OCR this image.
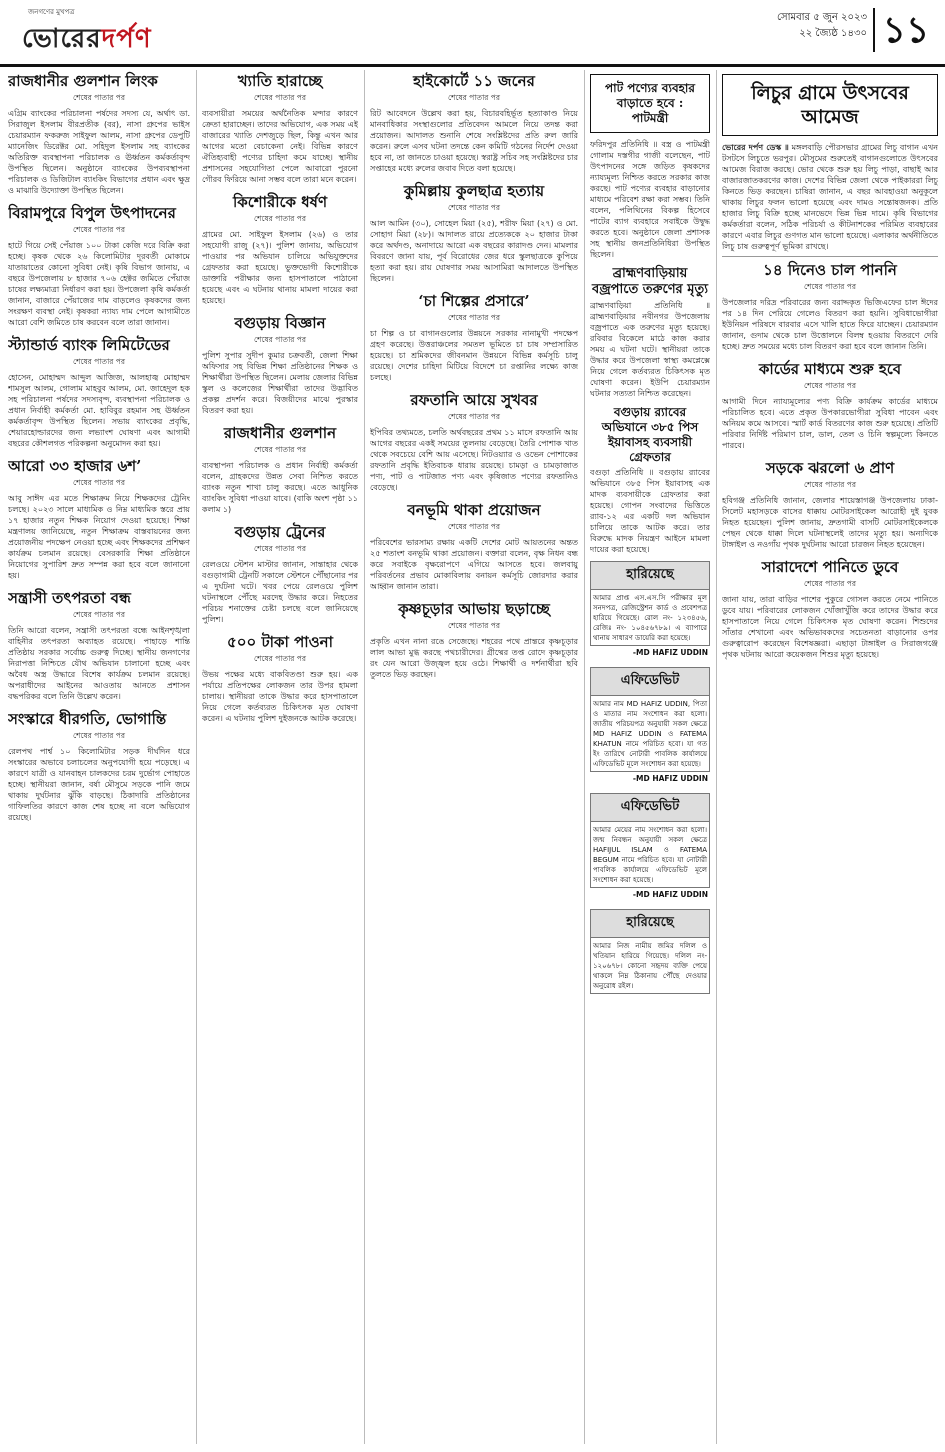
জনগণের মুখপত্র
ভোরেরদর্পণ
সোমবার ৫ জুন ২০২৩
২২ জ্যৈষ্ঠ ১৪৩০ ১১
রাজধানীর গুলশান লিংক
শেষের পাতার পর
এগ্রিম ব্যাংকের পরিচালনা পর্ষদের সদস্য যে, অর্থাৎ ডা. সিরাজুল ইসলাম বীরপ্রতীক (বর), নাসা গ্রুপের ভাইস চেয়ারম্যান ফকরুজ সাইফুল আলম, নাসা গ্রুপের ডেপুটি ম্যানেজিং ডিরেক্টর মো. সহিদুল ইসলাম সহ ব্যাংকের অতিরিক্ত ব্যবস্থাপনা পরিচালক ও ঊর্ধ্বতন কর্মকর্তাবৃন্দ উপস্থিত ছিলেন। অনুষ্ঠানে ব্যাংকের উপব্যবস্থাপনা পরিচালক ও ডিজিটাল ব্যাংকিং বিভাগের প্রধান এবং ক্ষুদ্র ও মাঝারি উদ্যোক্তা উপস্থিত ছিলেন।
বিরামপুরে বিপুল উৎপাদনের
শেষের পাতার পর
হাটে গিয়ে সেই পেঁয়াজ ১০০ টাকা কেজি দরে বিক্রি করা হচ্ছে। কৃষক থেকে ২৬ কিলোমিটার দূরবর্তী মোকামে যাতায়াতের কোনো সুবিধা নেই। কৃষি বিভাগ জানায়, এ বছরে উপজেলায় ৮ হাজার ৭০৬ হেক্টর জমিতে পেঁয়াজ চাষের লক্ষ্যমাত্রা নির্ধারণ করা হয়। উপজেলা কৃষি কর্মকর্তা জানান, বাজারে পেঁয়াজের দাম বাড়লেও কৃষকদের জন্য সংরক্ষণ ব্যবস্থা নেই। কৃষকরা ন্যায্য দাম পেলে আগামীতে আরো বেশি জমিতে চাষ করবেন বলে তারা জানান।
স্ট্যান্ডার্ড ব্যাংক লিমিটেডের
শেষের পাতার পর
হোসেন, মোহাম্মদ আব্দুল আজিজ, আলহাজ্ব মোহাম্মদ শামসুল আলম, গোলাম মাহবুব আলম, মো. জাহেদুল হক সহ পরিচালনা পর্ষদের সদস্যবৃন্দ, ব্যবস্থাপনা পরিচালক ও প্রধান নির্বাহী কর্মকর্তা মো. হাবিবুর রহমান সহ ঊর্ধ্বতন কর্মকর্তাবৃন্দ উপস্থিত ছিলেন। সভায় ব্যাংকের প্রবৃদ্ধি, শেয়ারহোল্ডারদের জন্য লভ্যাংশ ঘোষণা এবং আগামী বছরের কৌশলগত পরিকল্পনা অনুমোদন করা হয়।
আরো ৩৩ হাজার ৬শ’
শেষের পাতার পর
আবু সাঈদ এর মতে শিক্ষাক্রম নিয়ে শিক্ষকদের ট্রেনিং চলছে। ২০২৩ সালে মাধ্যমিক ও নিম্ন মাধ্যমিক স্তরে প্রায় ১৭ হাজার নতুন শিক্ষক নিয়োগ দেওয়া হয়েছে। শিক্ষা মন্ত্রণালয় জানিয়েছে, নতুন শিক্ষাক্রম বাস্তবায়নের জন্য প্রয়োজনীয় পদক্ষেপ নেওয়া হচ্ছে এবং শিক্ষকদের প্রশিক্ষণ কার্যক্রম চলমান রয়েছে। বেসরকারি শিক্ষা প্রতিষ্ঠানে নিয়োগের সুপারিশ দ্রুত সম্পন্ন করা হবে বলে জানানো হয়।
সন্ত্রাসী তৎপরতা বন্ধ
শেষের পাতার পর
তিনি আরো বলেন, সন্ত্রাসী তৎপরতা বন্ধে আইনশৃঙ্খলা বাহিনীর তৎপরতা অব্যাহত রয়েছে। পাহাড়ে শান্তি প্রতিষ্ঠায় সরকার সর্বোচ্চ গুরুত্ব দিচ্ছে। স্থানীয় জনগণের নিরাপত্তা নিশ্চিতে যৌথ অভিযান চালানো হচ্ছে এবং অবৈধ অস্ত্র উদ্ধারে বিশেষ কার্যক্রম চলমান রয়েছে। অপরাধীদের আইনের আওতায় আনতে প্রশাসন বদ্ধপরিকর বলে তিনি উল্লেখ করেন।
সংস্কারে ধীরগতি, ভোগান্তি
শেষের পাতার পর
রেলপথ পার্শ্ব ১০ কিলোমিটার সড়ক দীর্ঘদিন ধরে সংস্কারের অভাবে চলাচলের অনুপযোগী হয়ে পড়েছে। এ কারণে যাত্রী ও যানবাহন চালকদের চরম দুর্ভোগ পোহাতে হচ্ছে। স্থানীয়রা জানান, বর্ষা মৌসুমে সড়কে পানি জমে থাকায় দুর্ঘটনার ঝুঁকি বাড়ছে। ঠিকাদারি প্রতিষ্ঠানের গাফিলতির কারণে কাজ শেষ হচ্ছে না বলে অভিযোগ রয়েছে।
খ্যাতি হারাচ্ছে
শেষের পাতার পর
ব্যবসায়ীরা সময়ের অর্থনৈতিক মন্দার কারণে ক্রেতা হারাচ্ছেন। তাদের অভিযোগ, এক সময় এই বাজারের খ্যাতি দেশজুড়ে ছিল, কিন্তু এখন আর আগের মতো বেচাকেনা নেই। বিভিন্ন কারণে ঐতিহ্যবাহী পণ্যের চাহিদা কমে যাচ্ছে। স্থানীয় প্রশাসনের সহযোগিতা পেলে আবারো পুরনো গৌরব ফিরিয়ে আনা সম্ভব বলে তারা মনে করেন।
কিশোরীকে ধর্ষণ
শেষের পাতার পর
গ্রামের মো. সাইফুল ইসলাম (২৬) ও তার সহযোগী রাজু (২৭)। পুলিশ জানায়, অভিযোগ পাওয়ার পর অভিযান চালিয়ে অভিযুক্তদের গ্রেফতার করা হয়েছে। ভুক্তভোগী কিশোরীকে ডাক্তারি পরীক্ষার জন্য হাসপাতালে পাঠানো হয়েছে এবং এ ঘটনায় থানায় মামলা দায়ের করা হয়েছে।
বগুড়ায় বিজ্ঞান
শেষের পাতার পর
পুলিশ সুপার সুদীপ কুমার চক্রবর্তী, জেলা শিক্ষা অফিসার সহ বিভিন্ন শিক্ষা প্রতিষ্ঠানের শিক্ষক ও শিক্ষার্থীরা উপস্থিত ছিলেন। মেলায় জেলার বিভিন্ন স্কুল ও কলেজের শিক্ষার্থীরা তাদের উদ্ভাবিত প্রকল্প প্রদর্শন করে। বিজয়ীদের মাঝে পুরস্কার বিতরণ করা হয়।
রাজধানীর গুলশান
শেষের পাতার পর
ব্যবস্থাপনা পরিচালক ও প্রধান নির্বাহী কর্মকর্তা বলেন, গ্রাহকদের উন্নত সেবা নিশ্চিত করতে ব্যাংক নতুন শাখা চালু করছে। এতে আধুনিক ব্যাংকিং সুবিধা পাওয়া যাবে। (বাকি অংশ পৃষ্ঠা ১১ কলাম ১)
বগুড়ায় ট্রেনের
শেষের পাতার পর
রেলওয়ে স্টেশন মাস্টার জানান, সান্তাহার থেকে বগুড়াগামী ট্রেনটি সকালে স্টেশনে পৌঁছানোর পর এ দুর্ঘটনা ঘটে। খবর পেয়ে রেলওয়ে পুলিশ ঘটনাস্থলে পৌঁছে মরদেহ উদ্ধার করে। নিহতের পরিচয় শনাক্তের চেষ্টা চলছে বলে জানিয়েছে পুলিশ।
৫০০ টাকা পাওনা
শেষের পাতার পর
উভয় পক্ষের মধ্যে বাকবিতণ্ডা শুরু হয়। এক পর্যায়ে প্রতিপক্ষের লোকজন তার উপর হামলা চালায়। স্থানীয়রা তাকে উদ্ধার করে হাসপাতালে নিয়ে গেলে কর্তব্যরত চিকিৎসক মৃত ঘোষণা করেন। এ ঘটনায় পুলিশ দুইজনকে আটক করেছে।
হাইকোর্টে ১১ জনের
শেষের পাতার পর
রিট আবেদনে উল্লেখ করা হয়, বিচারবহির্ভূত হত্যাকাণ্ড নিয়ে মানবাধিকার সংস্থাগুলোর প্রতিবেদন আমলে নিয়ে তদন্ত করা প্রয়োজন। আদালত শুনানি শেষে সংশ্লিষ্টদের প্রতি রুল জারি করেন। রুলে এসব ঘটনা তদন্তে কেন কমিটি গঠনের নির্দেশ দেওয়া হবে না, তা জানতে চাওয়া হয়েছে। স্বরাষ্ট্র সচিব সহ সংশ্লিষ্টদের চার সপ্তাহের মধ্যে রুলের জবাব দিতে বলা হয়েছে।
কুমিল্লায় কুলছাত্র হত্যায়
শেষের পাতার পর
আল আমিন (৩০), সোহেল মিয়া (২৫), শরীফ মিয়া (২৭) ও মো. সোহাগ মিয়া (২৮)। আদালত রায়ে প্রত্যেককে ২০ হাজার টাকা করে অর্থদণ্ড, অনাদায়ে আরো এক বছরের কারাদণ্ড দেন। মামলার বিবরণে জানা যায়, পূর্ব বিরোধের জের ধরে স্কুলছাত্রকে কুপিয়ে হত্যা করা হয়। রায় ঘোষণার সময় আসামিরা আদালতে উপস্থিত ছিলেন।
‘চা শিল্পের প্রসারে’
শেষের পাতার পর
চা শিল্প ও চা বাগানগুলোর উন্নয়নে সরকার নানামুখী পদক্ষেপ গ্রহণ করেছে। উত্তরাঞ্চলের সমতল ভূমিতে চা চাষ সম্প্রসারিত হয়েছে। চা শ্রমিকদের জীবনমান উন্নয়নে বিভিন্ন কর্মসূচি চালু রয়েছে। দেশের চাহিদা মিটিয়ে বিদেশে চা রপ্তানির লক্ষ্যে কাজ চলছে।
রফতানি আয়ে সুখবর
শেষের পাতার পর
ইপিবির তথ্যমতে, চলতি অর্থবছরের প্রথম ১১ মাসে রফতানি আয় আগের বছরের একই সময়ের তুলনায় বেড়েছে। তৈরি পোশাক খাত থেকে সবচেয়ে বেশি আয় এসেছে। নিটওয়্যার ও ওভেন পোশাকের রফতানি প্রবৃদ্ধি ইতিবাচক ধারায় রয়েছে। চামড়া ও চামড়াজাত পণ্য, পাট ও পাটজাত পণ্য এবং কৃষিজাত পণ্যের রফতানিও বেড়েছে।
বনভূমি থাকা প্রয়োজন
শেষের পাতার পর
পরিবেশের ভারসাম্য রক্ষায় একটি দেশের মোট আয়তনের অন্তত ২৫ শতাংশ বনভূমি থাকা প্রয়োজন। বক্তারা বলেন, বৃক্ষ নিধন বন্ধ করে সবাইকে বৃক্ষরোপণে এগিয়ে আসতে হবে। জলবায়ু পরিবর্তনের প্রভাব মোকাবিলায় বনায়ন কর্মসূচি জোরদার করার আহ্বান জানান তারা।
কৃষ্ণচূড়ার আভায় ছড়াচ্ছে
শেষের পাতার পর
প্রকৃতি এখন নানা রঙে সেজেছে। শহরের পথে প্রান্তরে কৃষ্ণচূড়ার লাল আভা মুগ্ধ করছে পথচারীদের। গ্রীষ্মের তপ্ত রোদে কৃষ্ণচূড়ার রং যেন আরো উজ্জ্বল হয়ে ওঠে। শিক্ষার্থী ও দর্শনার্থীরা ছবি তুলতে ভিড় করছেন।
পাট পণ্যের ব্যবহার বাড়াতে হবে : পাটমন্ত্রী
ফরিদপুর প্রতিনিধি ॥ বস্ত্র ও পাটমন্ত্রী গোলাম দস্তগীর গাজী বলেছেন, পাট উৎপাদনের সঙ্গে জড়িত কৃষকদের ন্যায্যমূল্য নিশ্চিত করতে সরকার কাজ করছে। পাট পণ্যের ব্যবহার বাড়ানোর মাধ্যমে পরিবেশ রক্ষা করা সম্ভব। তিনি বলেন, পলিথিনের বিকল্প হিসেবে পাটের ব্যাগ ব্যবহারে সবাইকে উদ্বুদ্ধ করতে হবে। অনুষ্ঠানে জেলা প্রশাসক সহ স্থানীয় জনপ্রতিনিধিরা উপস্থিত ছিলেন।
ব্রাহ্মণবাড়িয়ায় বজ্রপাতে তরুণের মৃত্যু
ব্রাহ্মণবাড়িয়া প্রতিনিধি ॥ ব্রাহ্মণবাড়িয়ার নবীনগর উপজেলায় বজ্রপাতে এক তরুণের মৃত্যু হয়েছে। রবিবার বিকেলে মাঠে কাজ করার সময় এ ঘটনা ঘটে। স্থানীয়রা তাকে উদ্ধার করে উপজেলা স্বাস্থ্য কমপ্লেক্সে নিয়ে গেলে কর্তব্যরত চিকিৎসক মৃত ঘোষণা করেন। ইউপি চেয়ারম্যান ঘটনার সত্যতা নিশ্চিত করেছেন।
বগুড়ায় র‍্যাবের অভিযানে ৩৮৫ পিস ইয়াবাসহ ব্যবসায়ী গ্রেফতার
বগুড়া প্রতিনিধি ॥ বগুড়ায় র‍্যাবের অভিযানে ৩৮৫ পিস ইয়াবাসহ এক মাদক ব্যবসায়ীকে গ্রেফতার করা হয়েছে। গোপন সংবাদের ভিত্তিতে র‍্যাব-১২ এর একটি দল অভিযান চালিয়ে তাকে আটক করে। তার বিরুদ্ধে মাদক নিয়ন্ত্রণ আইনে মামলা দায়ের করা হয়েছে।
হারিয়েছে
আমার প্রাপ্ত এস.এস.সি পরীক্ষার মূল সনদপত্র, রেজিস্ট্রেশন কার্ড ও প্রবেশপত্র হারিয়ে গিয়েছে। রোল নং- ১২৩৪৫৬, রেজিঃ নং- ১০৪৫৬৭৮৯। এ ব্যাপারে থানায় সাধারণ ডায়েরি করা হয়েছে।
-MD HAFIZ UDDIN
এফিডেভিট
আমার নাম MD HAFIZ UDDIN, পিতা ও মাতার নাম সংশোধন করা হলো। জাতীয় পরিচয়পত্র অনুযায়ী সকল ক্ষেত্রে MD HAFIZ UDDIN ও FATEMA KHATUN নামে পরিচিত হবো। যা গত ইং তারিখে নোটারী পাবলিক কার্যালয়ে এফিডেভিট মূলে সংশোধন করা হয়েছে।
-MD HAFIZ UDDIN
এফিডেভিট
আমার মেয়ের নাম সংশোধন করা হলো। জন্ম নিবন্ধন অনুযায়ী সকল ক্ষেত্রে HAFIJUL ISLAM ও FATEMA BEGUM নামে পরিচিত হবে। যা নোটারী পাবলিক কার্যালয়ে এফিডেভিট মূলে সংশোধন করা হয়েছে।
-MD HAFIZ UDDIN
হারিয়েছে
আমার নিজ নামীয় জমির দলিল ও খতিয়ান হারিয়ে গিয়েছে। দলিল নং- ১২০৬৭৮। কোনো সহৃদয় ব্যক্তি পেয়ে থাকলে নিম্ন ঠিকানায় পৌঁছে দেওয়ার অনুরোধ রইল।
লিচুর গ্রামে উৎসবের আমেজ
ভোরের দর্পণ ডেস্ক ॥ মঙ্গলবাড়ি পৌরসভার গ্রামের লিচু বাগান এখন টসটসে লিচুতে ভরপুর। মৌসুমের শুরুতেই বাগানগুলোতে উৎসবের আমেজ বিরাজ করছে। ভোর থেকে শুরু হয় লিচু পাড়া, বাছাই আর বাজারজাতকরণের কাজ। দেশের বিভিন্ন জেলা থেকে পাইকাররা লিচু কিনতে ভিড় করছেন। চাষিরা জানান, এ বছর আবহাওয়া অনুকূলে থাকায় লিচুর ফলন ভালো হয়েছে এবং দামও সন্তোষজনক। প্রতি হাজার লিচু বিক্রি হচ্ছে মানভেদে ভিন্ন ভিন্ন দামে। কৃষি বিভাগের কর্মকর্তারা বলেন, সঠিক পরিচর্যা ও কীটনাশকের পরিমিত ব্যবহারের কারণে এবার লিচুর গুণগত মান ভালো হয়েছে। এলাকার অর্থনীতিতে লিচু চাষ গুরুত্বপূর্ণ ভূমিকা রাখছে।
১৪ দিনেও চাল পাননি
শেষের পাতার পর
উপজেলার দরিদ্র পরিবারের জন্য বরাদ্দকৃত ভিজিএফের চাল ঈদের পর ১৪ দিন পেরিয়ে গেলেও বিতরণ করা হয়নি। সুবিধাভোগীরা ইউনিয়ন পরিষদে বারবার এসে খালি হাতে ফিরে যাচ্ছেন। চেয়ারম্যান জানান, গুদাম থেকে চাল উত্তোলনে বিলম্ব হওয়ায় বিতরণে দেরি হচ্ছে। দ্রুত সময়ের মধ্যে চাল বিতরণ করা হবে বলে জানান তিনি।
কার্ডের মাধ্যমে শুরু হবে
শেষের পাতার পর
আগামী দিনে ন্যায্যমূল্যের পণ্য বিক্রি কার্যক্রম কার্ডের মাধ্যমে পরিচালিত হবে। এতে প্রকৃত উপকারভোগীরা সুবিধা পাবেন এবং অনিয়ম কমে আসবে। স্মার্ট কার্ড বিতরণের কাজ শুরু হয়েছে। প্রতিটি পরিবার নির্দিষ্ট পরিমাণ চাল, ডাল, তেল ও চিনি স্বল্পমূল্যে কিনতে পারবে।
সড়কে ঝরলো ৬ প্রাণ
শেষের পাতার পর
হবিগঞ্জ প্রতিনিধি জানান, জেলার শায়েস্তাগঞ্জ উপজেলায় ঢাকা-সিলেট মহাসড়কে বাসের ধাক্কায় মোটরসাইকেল আরোহী দুই যুবক নিহত হয়েছেন। পুলিশ জানায়, দ্রুতগামী বাসটি মোটরসাইকেলকে পেছন থেকে ধাক্কা দিলে ঘটনাস্থলেই তাদের মৃত্যু হয়। অন্যদিকে টাঙ্গাইল ও নওগাঁয় পৃথক দুর্ঘটনায় আরো চারজন নিহত হয়েছেন।
সারাদেশে পানিতে ডুবে
শেষের পাতার পর
জানা যায়, তারা বাড়ির পাশের পুকুরে গোসল করতে নেমে পানিতে ডুবে যায়। পরিবারের লোকজন খোঁজাখুঁজি করে তাদের উদ্ধার করে হাসপাতালে নিয়ে গেলে চিকিৎসক মৃত ঘোষণা করেন। শিশুদের সাঁতার শেখানো এবং অভিভাবকদের সচেতনতা বাড়ানোর ওপর গুরুত্বারোপ করেছেন বিশেষজ্ঞরা। এছাড়া টাঙ্গাইল ও সিরাজগঞ্জে পৃথক ঘটনায় আরো কয়েকজন শিশুর মৃত্যু হয়েছে।
